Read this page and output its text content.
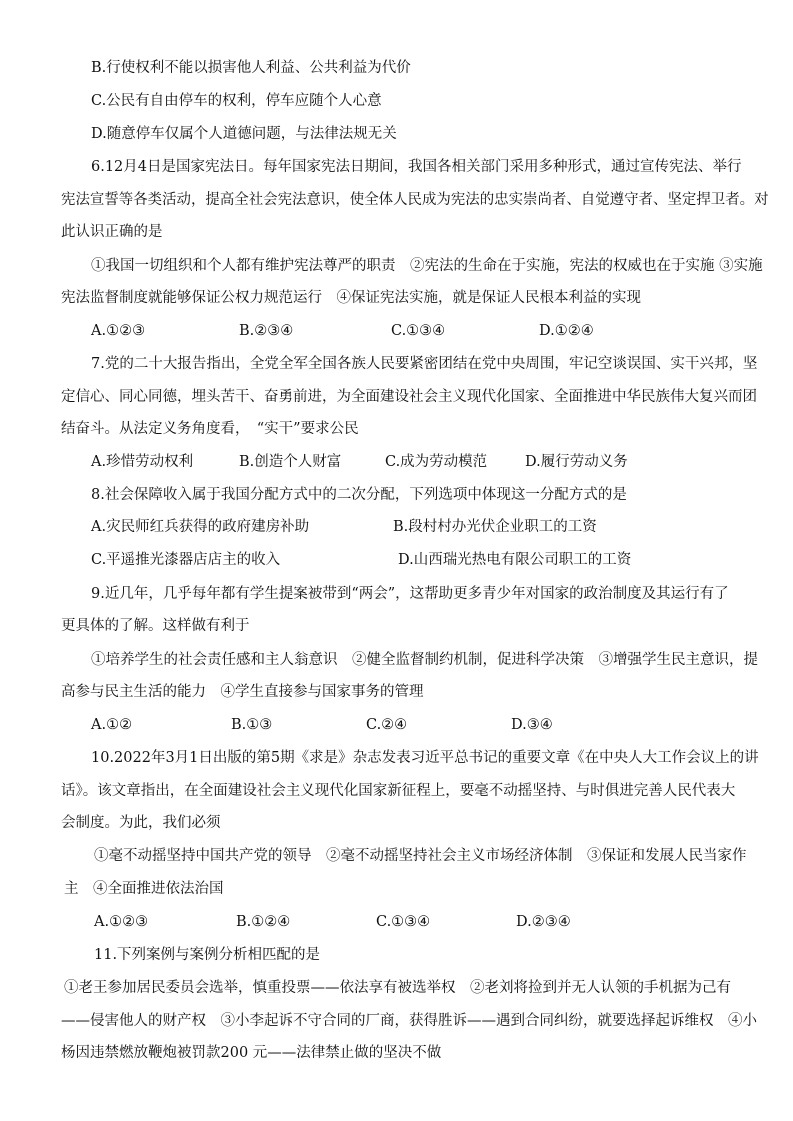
B.行使权利不能以损害他人利益、公共利益为代价
C.公民有自由停车的权利，停车应随个人心意
D.随意停车仅属个人道德问题，与法律法规无关
6.12月4日是国家宪法日。每年国家宪法日期间，我国各相关部门采用多种形式，通过宣传宪法、举行
宪法宣誓等各类活动，提高全社会宪法意识，使全体人民成为宪法的忠实崇尚者、自觉遵守者、坚定捍卫者。对
此认识正确的是
①我国一切组织和个人都有维护宪法尊严的职责　②宪法的生命在于实施，宪法的权威也在于实施 ③实施
宪法监督制度就能够保证公权力规范运行　④保证宪法实施，就是保证人民根本利益的实现
A.①②③	B.②③④	C.①③④	D.①②④
7.党的二十大报告指出，全党全军全国各族人民要紧密团结在党中央周围，牢记空谈误国、实干兴邦，坚
定信心、同心同德，埋头苦干、奋勇前进，为全面建设社会主义现代化国家、全面推进中华民族伟大复兴而团
结奋斗。从法定义务角度看，　“实干”要求公民
A.珍惜劳动权利	B.创造个人财富	C.成为劳动模范	D.履行劳动义务
8.社会保障收入属于我国分配方式中的二次分配，下列选项中体现这一分配方式的是
A.灾民师红兵获得的政府建房补助	B.段村村办光伏企业职工的工资
C.平遥推光漆器店店主的收入	D.山西瑞光热电有限公司职工的工资
9.近几年，几乎每年都有学生提案被带到“两会”，这帮助更多青少年对国家的政治制度及其运行有了
更具体的了解。这样做有利于
①培养学生的社会责任感和主人翁意识　②健全监督制约机制，促进科学决策　③增强学生民主意识，提
高参与民主生活的能力　④学生直接参与国家事务的管理
A.①②	B.①③	C.②④	D.③④
10.2022年3月1日出版的第5期《求是》杂志发表习近平总书记的重要文章《在中央人大工作会议上的讲
话》。该文章指出，在全面建设社会主义现代化国家新征程上，要毫不动摇坚持、与时俱进完善人民代表大
会制度。为此，我们必须
①毫不动摇坚持中国共产党的领导　②毫不动摇坚持社会主义市场经济体制　③保证和发展人民当家作
主　④全面推进依法治国
A.①②③	B.①②④	C.①③④	D.②③④
11.下列案例与案例分析相匹配的是
①老王参加居民委员会选举，慎重投票——依法享有被选举权　②老刘将捡到并无人认领的手机据为己有
——侵害他人的财产权　③小李起诉不守合同的厂商，获得胜诉——遇到合同纠纷，就要选择起诉维权　④小
杨因违禁燃放鞭炮被罚款200 元——法律禁止做的坚决不做
